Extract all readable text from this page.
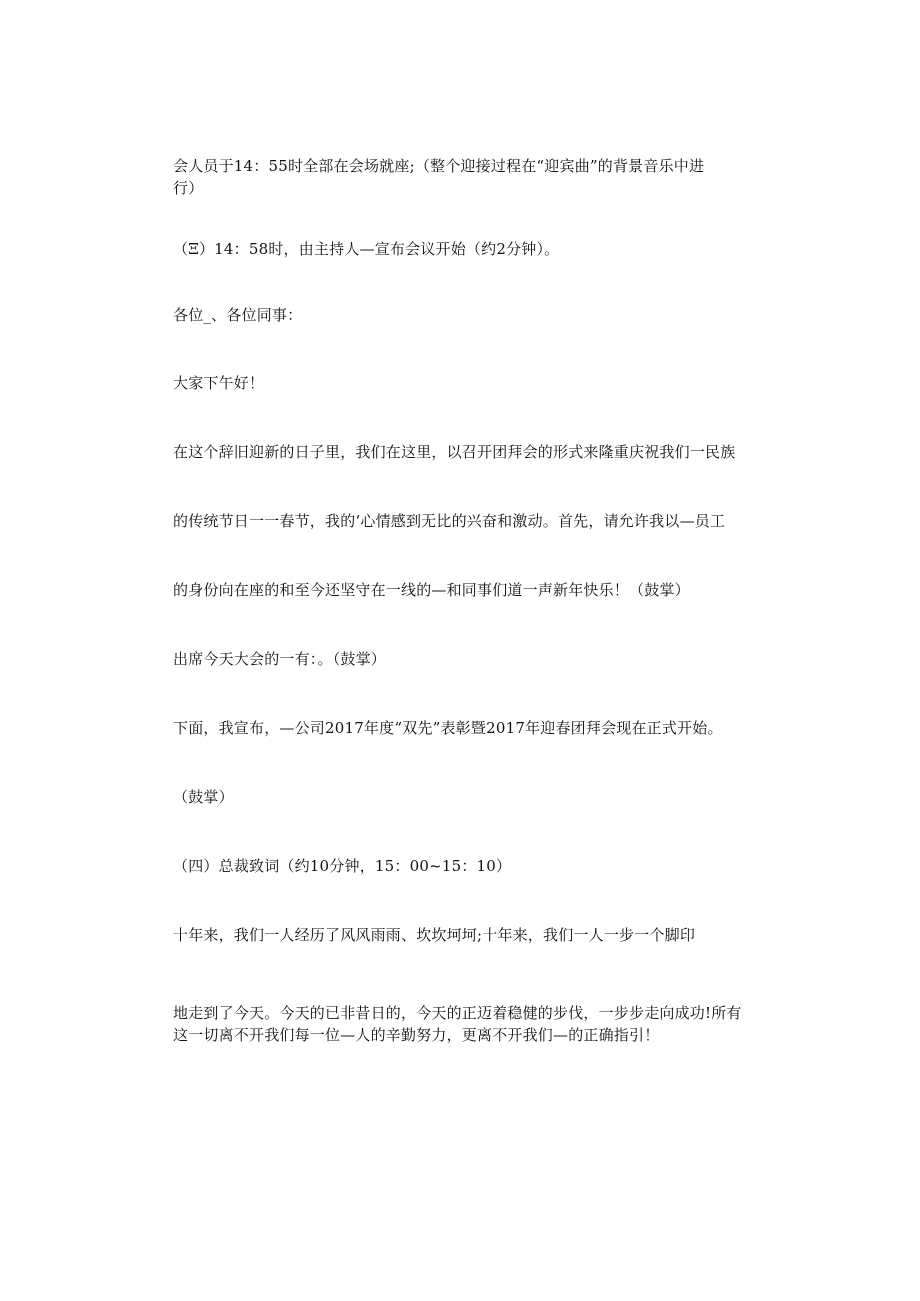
会人员于14：55时全部在会场就座;（整个迎接过程在“迎宾曲”的背景音乐中进
行）
（Ξ）14：58时，由主持人—宣布会议开始（约2分钟）。
各位_、各位同事：
大家下午好！
在这个辞旧迎新的日子里，我们在这里，以召开团拜会的形式来隆重庆祝我们一民族
的传统节日一一春节，我的‘心情感到无比的兴奋和激动。首先，请允许我以—员工
的身份向在座的和至今还坚守在一线的—和同事们道一声新年快乐！（鼓掌）
出席今天大会的一有：。（鼓掌）
下面，我宣布，—公司2017年度“双先”表彰暨2017年迎春团拜会现在正式开始。
（鼓掌）
（四）总裁致词（约10分钟，15：00~15：10）
十年来，我们一人经历了风风雨雨、坎坎坷坷;十年来，我们一人一步一个脚印
地走到了今天。今天的已非昔日的，今天的正迈着稳健的步伐，一步步走向成功!所有
这一切离不开我们每一位—人的辛勤努力，更离不开我们—的正确指引！
